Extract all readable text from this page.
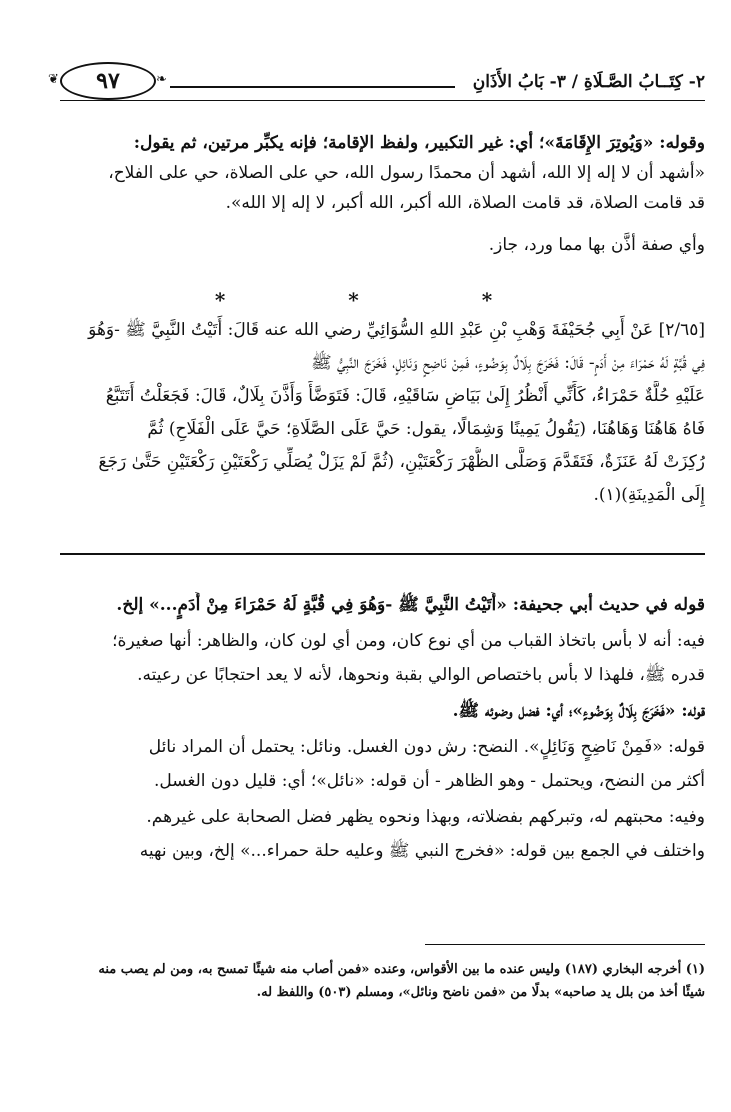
❦	٩٧	❧	٢- كِتَــابُ الصَّـلَاةِ / ٣- بَابُ الأَذَانِ
وقوله: «وَيُوتِرَ الإِقَامَةَ»؛ أي: غير التكبير، ولفظ الإقامة؛ فإنه يكبِّر مرتين، ثم يقول:
«أشهد أن لا إله إلا الله، أشهد أن محمدًا رسول الله، حي على الصلاة، حي على الفلاح،
قد قامت الصلاة، قد قامت الصلاة، الله أكبر، الله أكبر، لا إله إلا الله».
وأي صفة أذَّن بها مما ورد، جاز.
* * *
[٢/٦٥] عَنْ أَبِي جُحَيْفَةَ وَهْبِ بْنِ عَبْدِ اللهِ السُّوَائِيِّ رضي الله عنه قَالَ: أَتَيْتُ النَّبِيَّ ﷺ -وَهُوَ
فِي قُبَّةٍ لَهُ حَمْرَاءَ مِنْ أَدَمٍ- قَالَ: فَخَرَجَ بِلَالٌ بِوَضُوءٍ، فَمِنْ نَاضِحٍ وَنَائِلٍ، فَخَرَجَ النَّبِيُّ ﷺ
عَلَيْهِ حُلَّةٌ حَمْرَاءُ، كَأَنِّي أَنْظُرُ إِلَىٰ بَيَاضِ سَاقَيْهِ، قَالَ: فَتَوَضَّأَ وَأَذَّنَ بِلَالٌ، قَالَ: فَجَعَلْتُ أَتَتَبَّعُ
فَاهُ هَاهُنَا وَهَاهُنَا، (يَقُولُ يَمِينًا وَشِمَالًا، يقول: حَيَّ عَلَى الصَّلَاةِ؛ حَيَّ عَلَى الْفَلَاحِ) ثُمَّ
رُكِزَتْ لَهُ عَنَزَةٌ، فَتَقَدَّمَ وَصَلَّى الظُّهْرَ رَكْعَتَيْنِ، (ثُمَّ لَمْ يَزَلْ يُصَلِّي رَكْعَتَيْنِ رَكْعَتَيْنِ حَتَّىٰ رَجَعَ
إِلَى الْمَدِينَةِ)(١).
قوله في حديث أبي جحيفة: «أَتَيْتُ النَّبِيَّ ﷺ -وَهُوَ فِي قُبَّةٍ لَهُ حَمْرَاءَ مِنْ أَدَمٍ...» إلخ.
فيه: أنه لا بأس باتخاذ القباب من أي نوع كان، ومن أي لون كان، والظاهر: أنها صغيرة؛
قدره ﷺ، فلهذا لا بأس باختصاص الوالي بقبة ونحوها، لأنه لا يعد احتجابًا عن رعيته.
قوله: «فَخَرَجَ بِلَالٌ بِوَضُوءٍ»؛ أي: فضل وضوئه ﷺ.
قوله: «فَمِنْ نَاضِحٍ وَنَائِلٍ». النضح: رش دون الغسل. ونائل: يحتمل أن المراد نائل
أكثر من النضح، ويحتمل - وهو الظاهر - أن قوله: «نائل»؛ أي: قليل دون الغسل.
وفيه: محبتهم له، وتبركهم بفضلاته، وبهذا ونحوه يظهر فضل الصحابة على غيرهم.
واختلف في الجمع بين قوله: «فخرج النبي ﷺ وعليه حلة حمراء...» إلخ، وبين نهيه
(١) أخرجه البخاري (١٨٧) وليس عنده ما بين الأقواس، وعنده «فمن أصاب منه شيئًا تمسح به، ومن لم يصب منه
شيئًا أخذ من بلل يد صاحبه» بدلًا من «فمن ناضح ونائل»، ومسلم (٥٠٣) واللفظ له.
